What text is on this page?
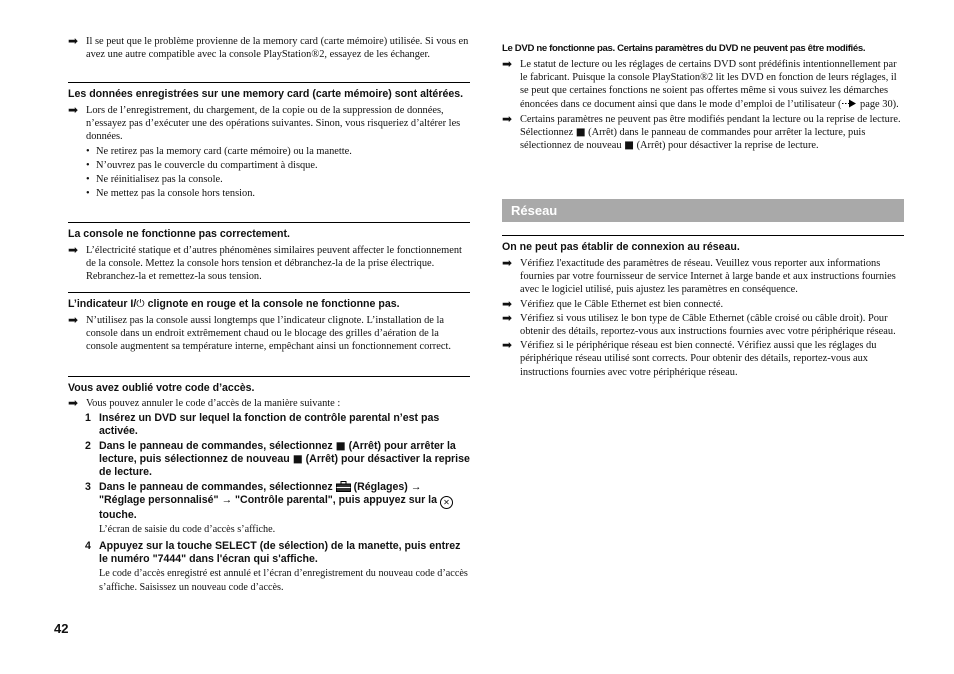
➡ Il se peut que le problème provienne de la memory card (carte mémoire) utilisée. Si vous en avez une autre compatible avec la console PlayStation®2, essayez de les échanger.
Les données enregistrées sur une memory card (carte mémoire) sont altérées.
➡ Lors de l’enregistrement, du chargement, de la copie ou de la suppression de données, n’essayez pas d’exécuter une des opérations suivantes. Sinon, vous risqueriez d’altérer les données.
• Ne retirez pas la memory card (carte mémoire) ou la manette.
• N’ouvrez pas le couvercle du compartiment à disque.
• Ne réinitialisez pas la console.
• Ne mettez pas la console hors tension.
La console ne fonctionne pas correctement.
➡ L’électricité statique et d’autres phénomènes similaires peuvent affecter le fonctionnement de la console. Mettez la console hors tension et débranchez-la de la prise électrique. Rebranchez-la et remettez-la sous tension.
L’indicateur I/⏻ clignote en rouge et la console ne fonctionne pas.
➡ N’utilisez pas la console aussi longtemps que l’indicateur clignote. L’installation de la console dans un endroit extrêmement chaud ou le blocage des grilles d’aération de la console augmentent sa température interne, empêchant ainsi un fonctionnement correct.
Vous avez oublié votre code d’accès.
➡ Vous pouvez annuler le code d’accès de la manière suivante :
1 Insérez un DVD sur lequel la fonction de contrôle parental n’est pas activée.
2 Dans le panneau de commandes, sélectionnez ■ (Arrêt) pour arrêter la lecture, puis sélectionnez de nouveau ■ (Arrêt) pour désactiver la reprise de lecture.
3 Dans le panneau de commandes, sélectionnez  (Réglages) → "Réglage personnalisé" → "Contrôle parental", puis appuyez sur la ✕ touche.
L’écran de saisie du code d’accès s’affiche.
4 Appuyez sur la touche SELECT (de sélection) de la manette, puis entrez le numéro "7444" dans l'écran qui s'affiche.
Le code d’accès enregistré est annulé et l’écran d’enregistrement du nouveau code d’accès s’affiche. Saisissez un nouveau code d’accès.
Le DVD ne fonctionne pas. Certains paramètres du DVD ne peuvent pas être modifiés.
➡ Le statut de lecture ou les réglages de certains DVD sont prédéfinis intentionnellement par le fabricant. Puisque la console PlayStation®2 lit les DVD en fonction de leurs réglages, il se peut que certaines fonctions ne soient pas offertes même si vous suivez les démarches énoncées dans ce document ainsi que dans le mode d’emploi de l’utilisateur ( page 30).
➡ Certains paramètres ne peuvent pas être modifiés pendant la lecture ou la reprise de lecture. Sélectionnez ■ (Arrêt) dans le panneau de commandes pour arrêter la lecture, puis sélectionnez de nouveau ■ (Arrêt) pour désactiver la reprise de lecture.
Réseau
On ne peut pas établir de connexion au réseau.
➡ Vérifiez l'exactitude des paramètres de réseau. Veuillez vous reporter aux informations fournies par votre fournisseur de service Internet à large bande et aux instructions fournies avec le logiciel utilisé, puis ajustez les paramètres en conséquence.
➡ Vérifiez que le Câble Ethernet est bien connecté.
➡ Vérifiez si vous utilisez le bon type de Câble Ethernet (câble croisé ou câble droit). Pour obtenir des détails, reportez-vous aux instructions fournies avec votre périphérique réseau.
➡ Vérifiez si le périphérique réseau est bien connecté. Vérifiez aussi que les réglages du périphérique réseau utilisé sont corrects. Pour obtenir des détails, reportez-vous aux instructions fournies avec votre périphérique réseau.
42
